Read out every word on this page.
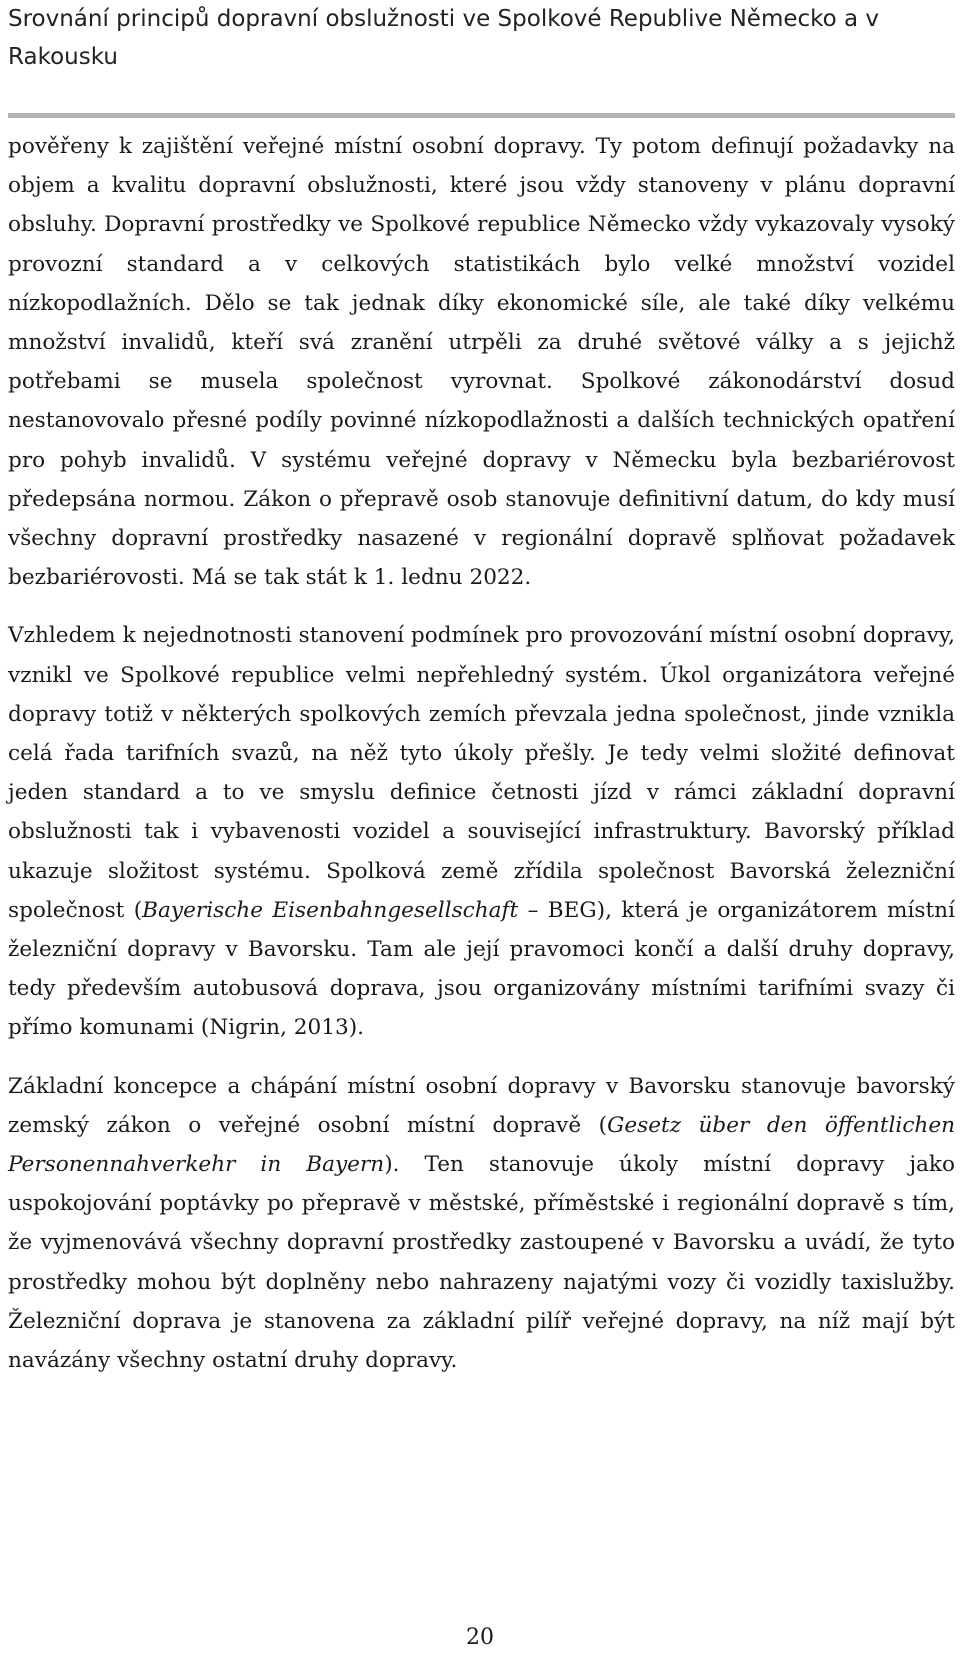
Srovnání principů dopravní obslužnosti ve Spolkové Republive Německo a v Rakousku

pověřeny k zajištění veřejné místní osobní dopravy. Ty potom definují požadavky na objem a kvalitu dopravní obslužnosti, které jsou vždy stanoveny v plánu dopravní obsluhy. Dopravní prostředky ve Spolkové republice Německo vždy vykazovaly vysoký provozní standard a v celkových statistikách bylo velké množství vozidel nízkopodlažních. Dělo se tak jednak díky ekonomické síle, ale také díky velkému množství invalidů, kteří svá zranění utrpěli za druhé světové války a s jejichž potřebami se musela společnost vyrovnat. Spolkové zákonodárství dosud nestanovovalo přesné podíly povinné nízkopodlažnosti a dalších technických opatření pro pohyb invalidů. V systému veřejné dopravy v Německu byla bezbariérovost předepsána normou. Zákon o přepravě osob stanovuje definitivní datum, do kdy musí všechny dopravní prostředky nasazené v regionální dopravě splňovat požadavek bezbariérovosti. Má se tak stát k 1. lednu 2022.

Vzhledem k nejednotnosti stanovení podmínek pro provozování místní osobní dopravy, vznikl ve Spolkové republice velmi nepřehledný systém. Úkol organizátora veřejné dopravy totiž v některých spolkových zemích převzala jedna společnost, jinde vznikla celá řada tarifních svazů, na něž tyto úkoly přešly. Je tedy velmi složité definovat jeden standard a to ve smyslu definice četnosti jízd v rámci základní dopravní obslužnosti tak i vybavenosti vozidel a související infrastruktury. Bavorský příklad ukazuje složitost systému. Spolková země zřídila společnost Bavorská železniční společnost (Bayerische Eisenbahngesellschaft – BEG), která je organizátorem místní železniční dopravy v Bavorsku. Tam ale její pravomoci končí a další druhy dopravy, tedy především autobusová doprava, jsou organizovány místními tarifními svazy či přímo komunami (Nigrin, 2013).

Základní koncepce a chápání místní osobní dopravy v Bavorsku stanovuje bavorský zemský zákon o veřejné osobní místní dopravě (Gesetz über den öffentlichen Personennahverkehr in Bayern). Ten stanovuje úkoly místní dopravy jako uspokojování poptávky po přepravě v městské, příměstské i regionální dopravě s tím, že vyjmenovává všechny dopravní prostředky zastoupené v Bavorsku a uvádí, že tyto prostředky mohou být doplněny nebo nahrazeny najatými vozy či vozidly taxislužby. Železniční doprava je stanovena za základní pilíř veřejné dopravy, na níž mají být navázány všechny ostatní druhy dopravy.

20
